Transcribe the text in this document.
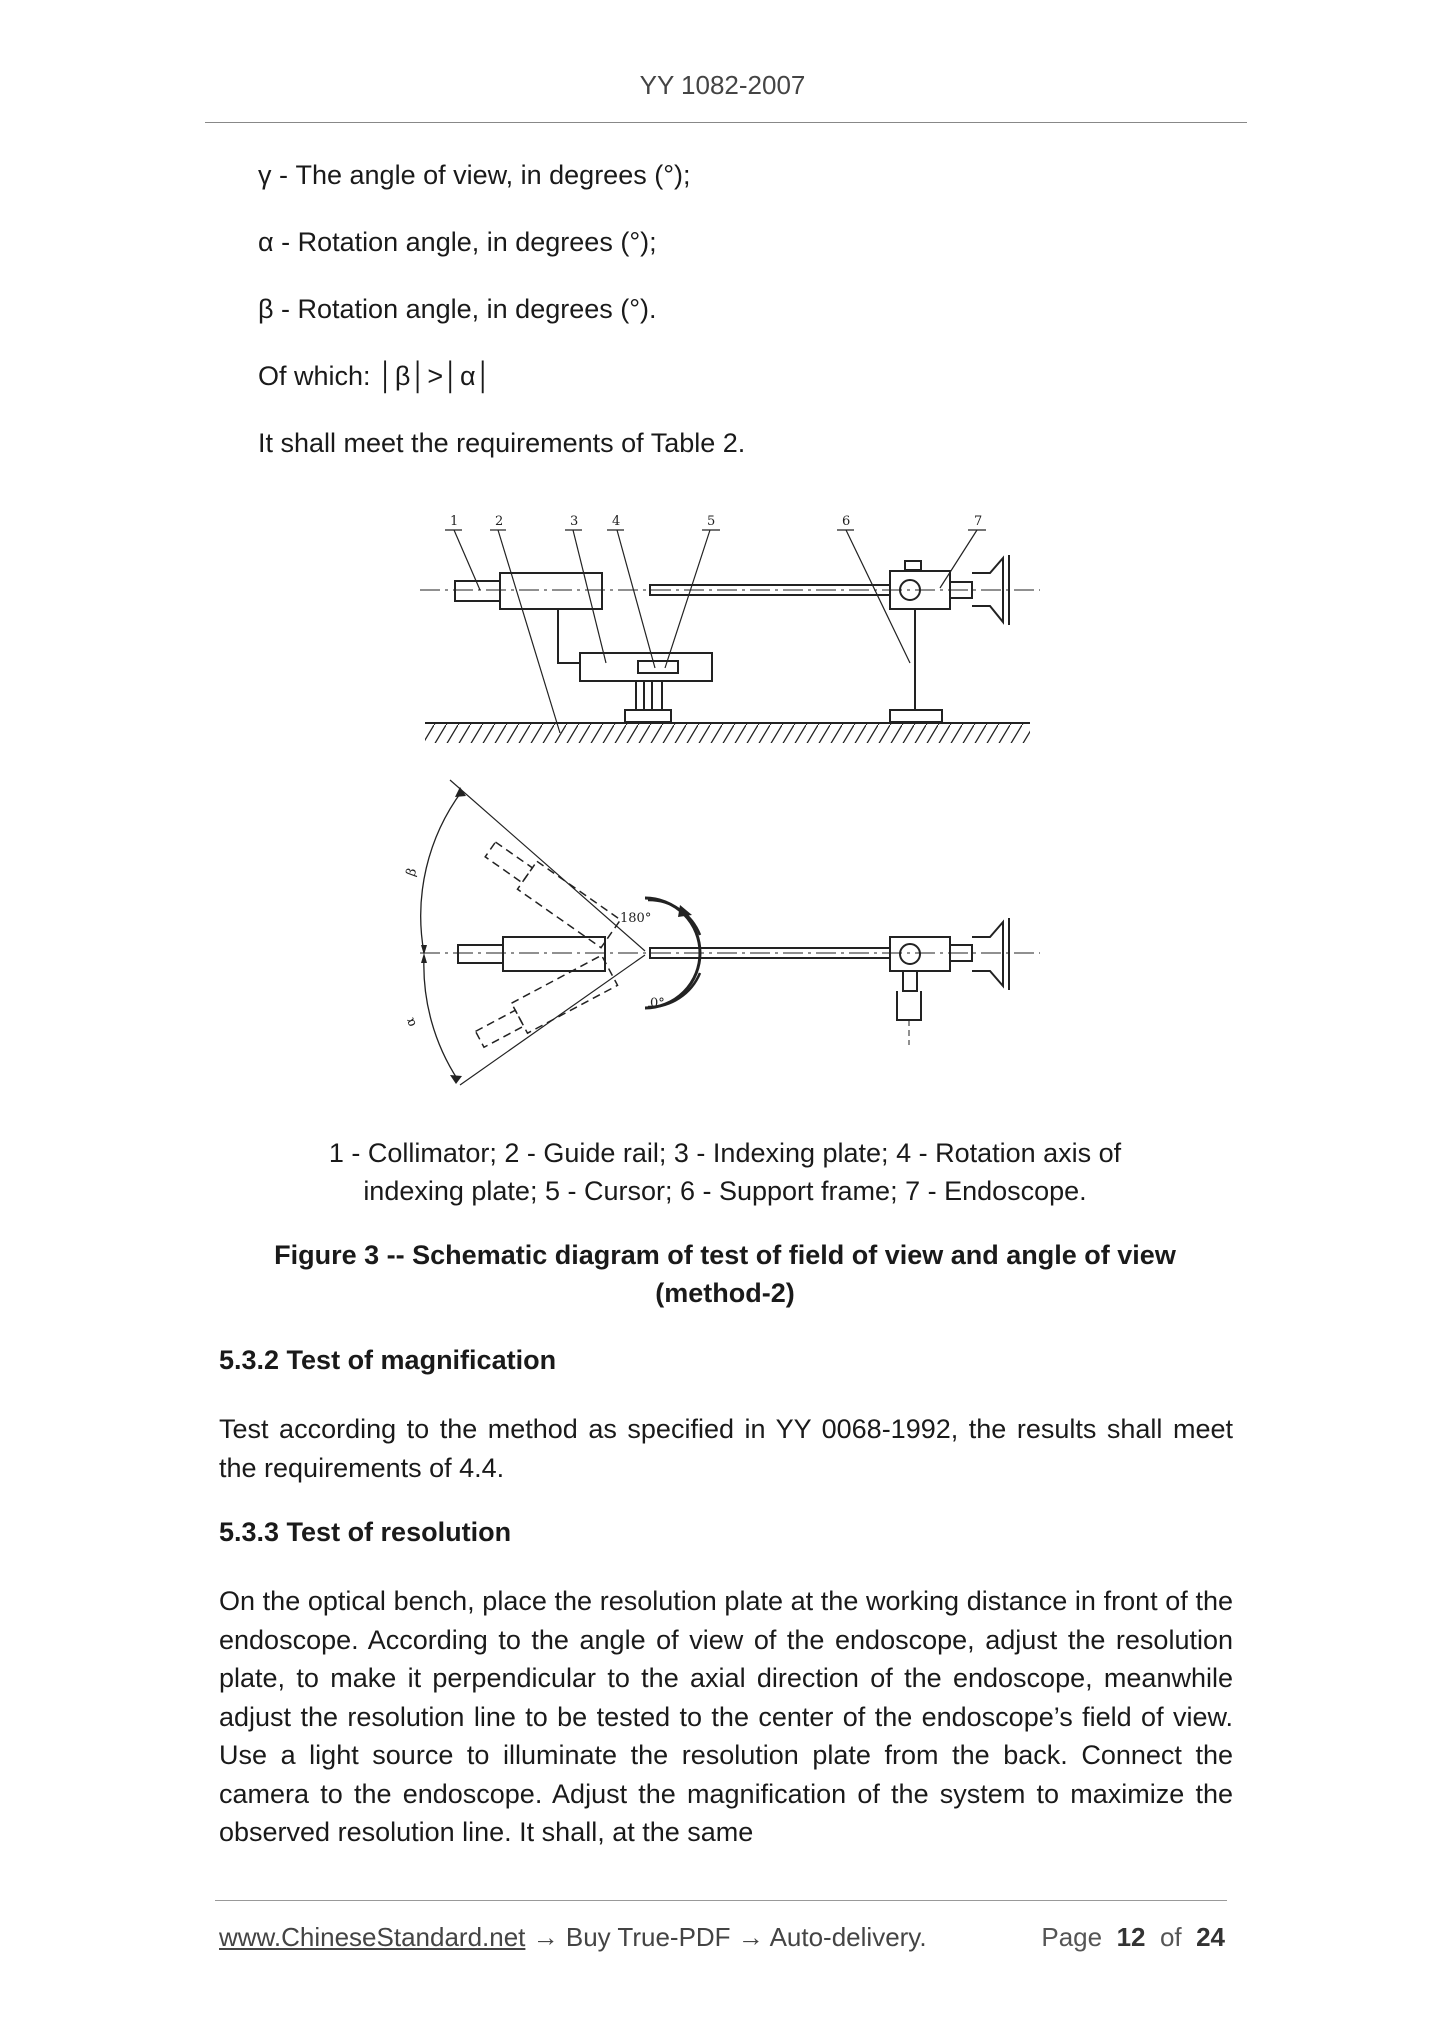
YY 1082-2007
γ - The angle of view, in degrees (°);
α - Rotation angle, in degrees (°);
β - Rotation angle, in degrees (°).
Of which: │β│>│α│
It shall meet the requirements of Table 2.
1	2	3	4	5	6	7
β
α
180°
0°
1 - Collimator; 2 - Guide rail; 3 - Indexing plate; 4 - Rotation axis of indexing plate; 5 - Cursor; 6 - Support frame; 7 - Endoscope.
Figure 3 -- Schematic diagram of test of field of view and angle of view (method-2)
5.3.2 Test of magnification
Test according to the method as specified in YY 0068-1992, the results shall meet the requirements of 4.4.
5.3.3 Test of resolution
On the optical bench, place the resolution plate at the working distance in front of the endoscope. According to the angle of view of the endoscope, adjust the resolution plate, to make it perpendicular to the axial direction of the endoscope, meanwhile adjust the resolution line to be tested to the center of the endoscope’s field of view. Use a light source to illuminate the resolution plate from the back. Connect the camera to the endoscope. Adjust the magnification of the system to maximize the observed resolution line. It shall, at the same
www.ChineseStandard.net → Buy True-PDF → Auto-delivery.	Page 12 of 24
